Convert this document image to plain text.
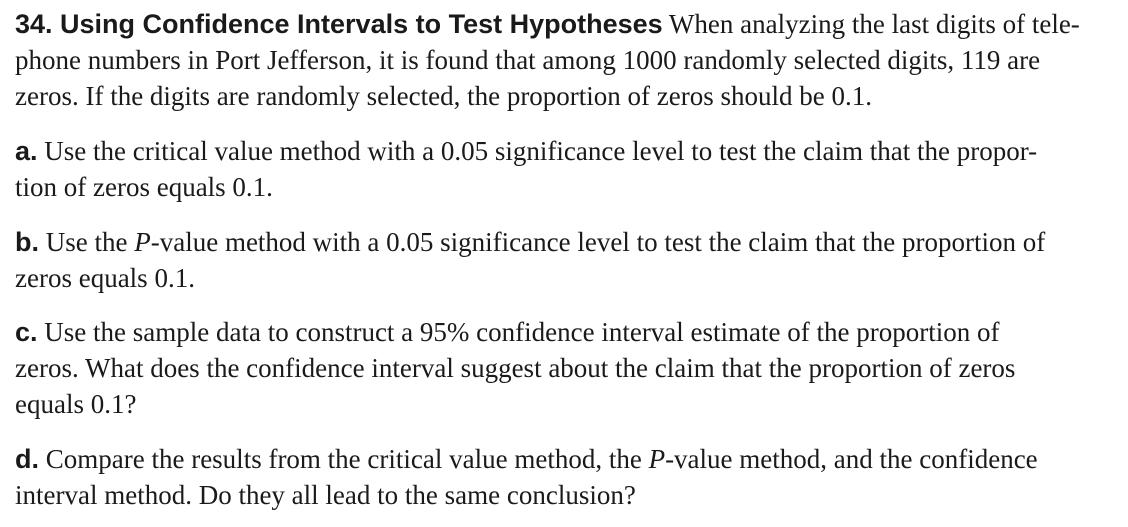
34. Using Confidence Intervals to Test Hypotheses When analyzing the last digits of tele-
phone numbers in Port Jefferson, it is found that among 1000 randomly selected digits, 119 are
zeros. If the digits are randomly selected, the proportion of zeros should be 0.1.
a. Use the critical value method with a 0.05 significance level to test the claim that the propor-
tion of zeros equals 0.1.
b. Use the P-value method with a 0.05 significance level to test the claim that the proportion of
zeros equals 0.1.
c. Use the sample data to construct a 95% confidence interval estimate of the proportion of
zeros. What does the confidence interval suggest about the claim that the proportion of zeros
equals 0.1?
d. Compare the results from the critical value method, the P-value method, and the confidence
interval method. Do they all lead to the same conclusion?
